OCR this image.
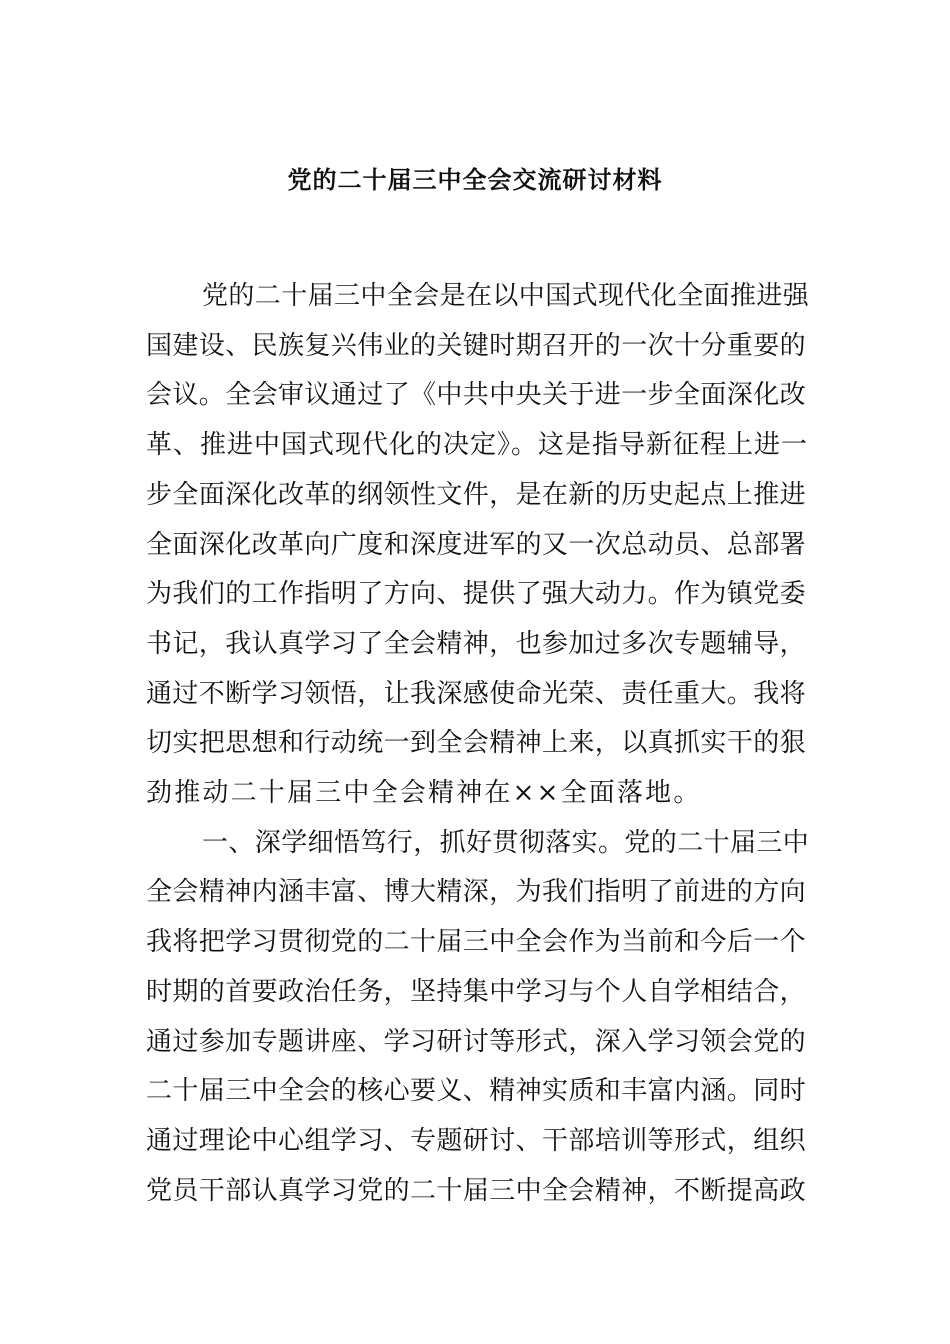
党的二十届三中全会交流研讨材料

党的二十届三中全会是在以中国式现代化全面推进强
国建设、民族复兴伟业的关键时期召开的一次十分重要的
会议。全会审议通过了《中共中央关于进一步全面深化改
革、推进中国式现代化的决定》。这是指导新征程上进一
步全面深化改革的纲领性文件，是在新的历史起点上推进
全面深化改革向广度和深度进军的又一次总动员、总部署
为我们的工作指明了方向、提供了强大动力。作为镇党委
书记，我认真学习了全会精神，也参加过多次专题辅导，
通过不断学习领悟，让我深感使命光荣、责任重大。我将
切实把思想和行动统一到全会精神上来，以真抓实干的狠
劲推动二十届三中全会精神在××全面落地。

一、深学细悟笃行，抓好贯彻落实。党的二十届三中
全会精神内涵丰富、博大精深，为我们指明了前进的方向
我将把学习贯彻党的二十届三中全会作为当前和今后一个
时期的首要政治任务，坚持集中学习与个人自学相结合，
通过参加专题讲座、学习研讨等形式，深入学习领会党的
二十届三中全会的核心要义、精神实质和丰富内涵。同时
通过理论中心组学习、专题研讨、干部培训等形式，组织
党员干部认真学习党的二十届三中全会精神，不断提高政
